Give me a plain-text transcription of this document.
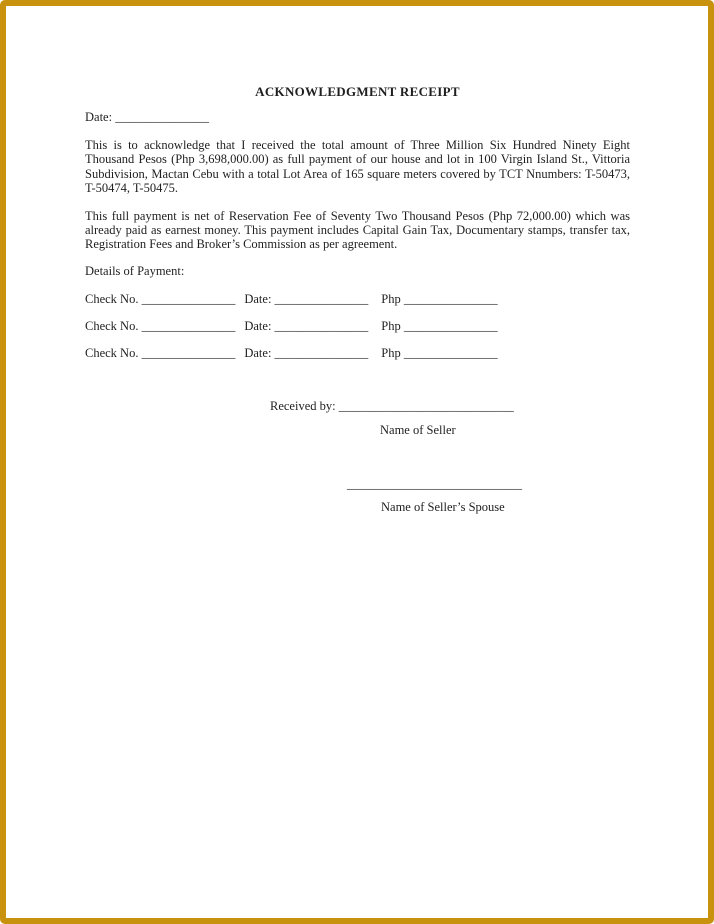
ACKNOWLEDGMENT RECEIPT
Date: _______________

This is to acknowledge that I received the total amount of Three Million Six Hundred Ninety Eight Thousand Pesos (Php 3,698,000.00) as full payment of our house and lot in 100 Virgin Island St., Vittoria Subdivision, Mactan Cebu with a total Lot Area of 165 square meters covered by TCT Nnumbers: T-50473, T-50474, T-50475.

This full payment is net of Reservation Fee of Seventy Two Thousand Pesos (Php 72,000.00) which was already paid as earnest money. This payment includes Capital Gain Tax, Documentary stamps, transfer tax, Registration Fees and Broker’s Commission as per agreement.

Details of Payment:
Check No. _______________ Date: _______________ Php _______________
Check No. _______________ Date: _______________ Php _______________
Check No. _______________ Date: _______________ Php _______________
Received by: ____________________________
Name of Seller
____________________________
Name of Seller’s Spouse
